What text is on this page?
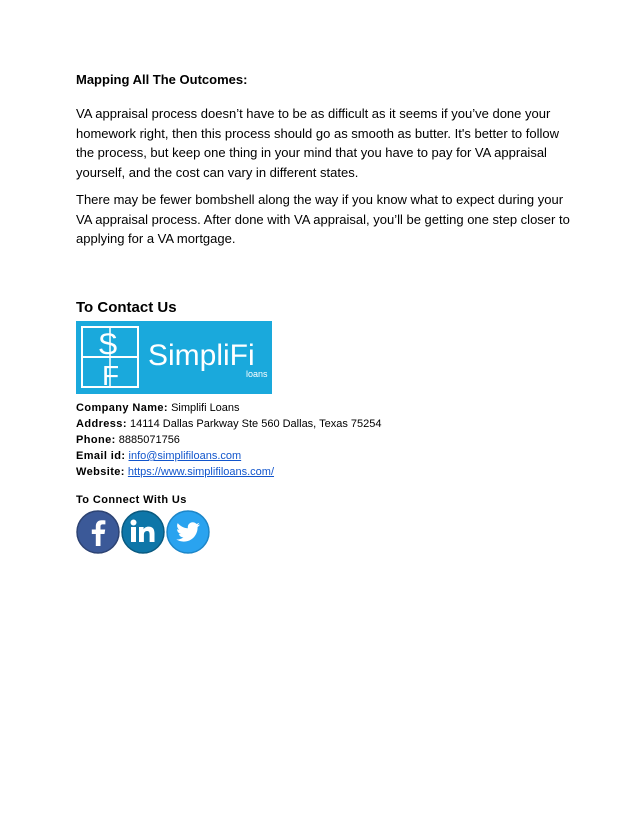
Mapping All The Outcomes:
VA appraisal process doesn’t have to be as difficult as it seems if you’ve done your homework right, then this process should go as smooth as butter. It's better to follow the process, but keep one thing in your mind that you have to pay for VA appraisal yourself, and the cost can vary in different states.
There may be fewer bombshell along the way if you know what to expect during your VA appraisal process. After done with VA appraisal, you’ll be getting one step closer to applying for a VA mortgage.
To Contact Us
S
F
SimpliFi
loans
Company Name: Simplifi Loans
Address: 14114 Dallas Parkway Ste 560 Dallas, Texas 75254
Phone: 8885071756
Email id: info@simplifiloans.com
Website: https://www.simplifiloans.com/
To Connect With Us
